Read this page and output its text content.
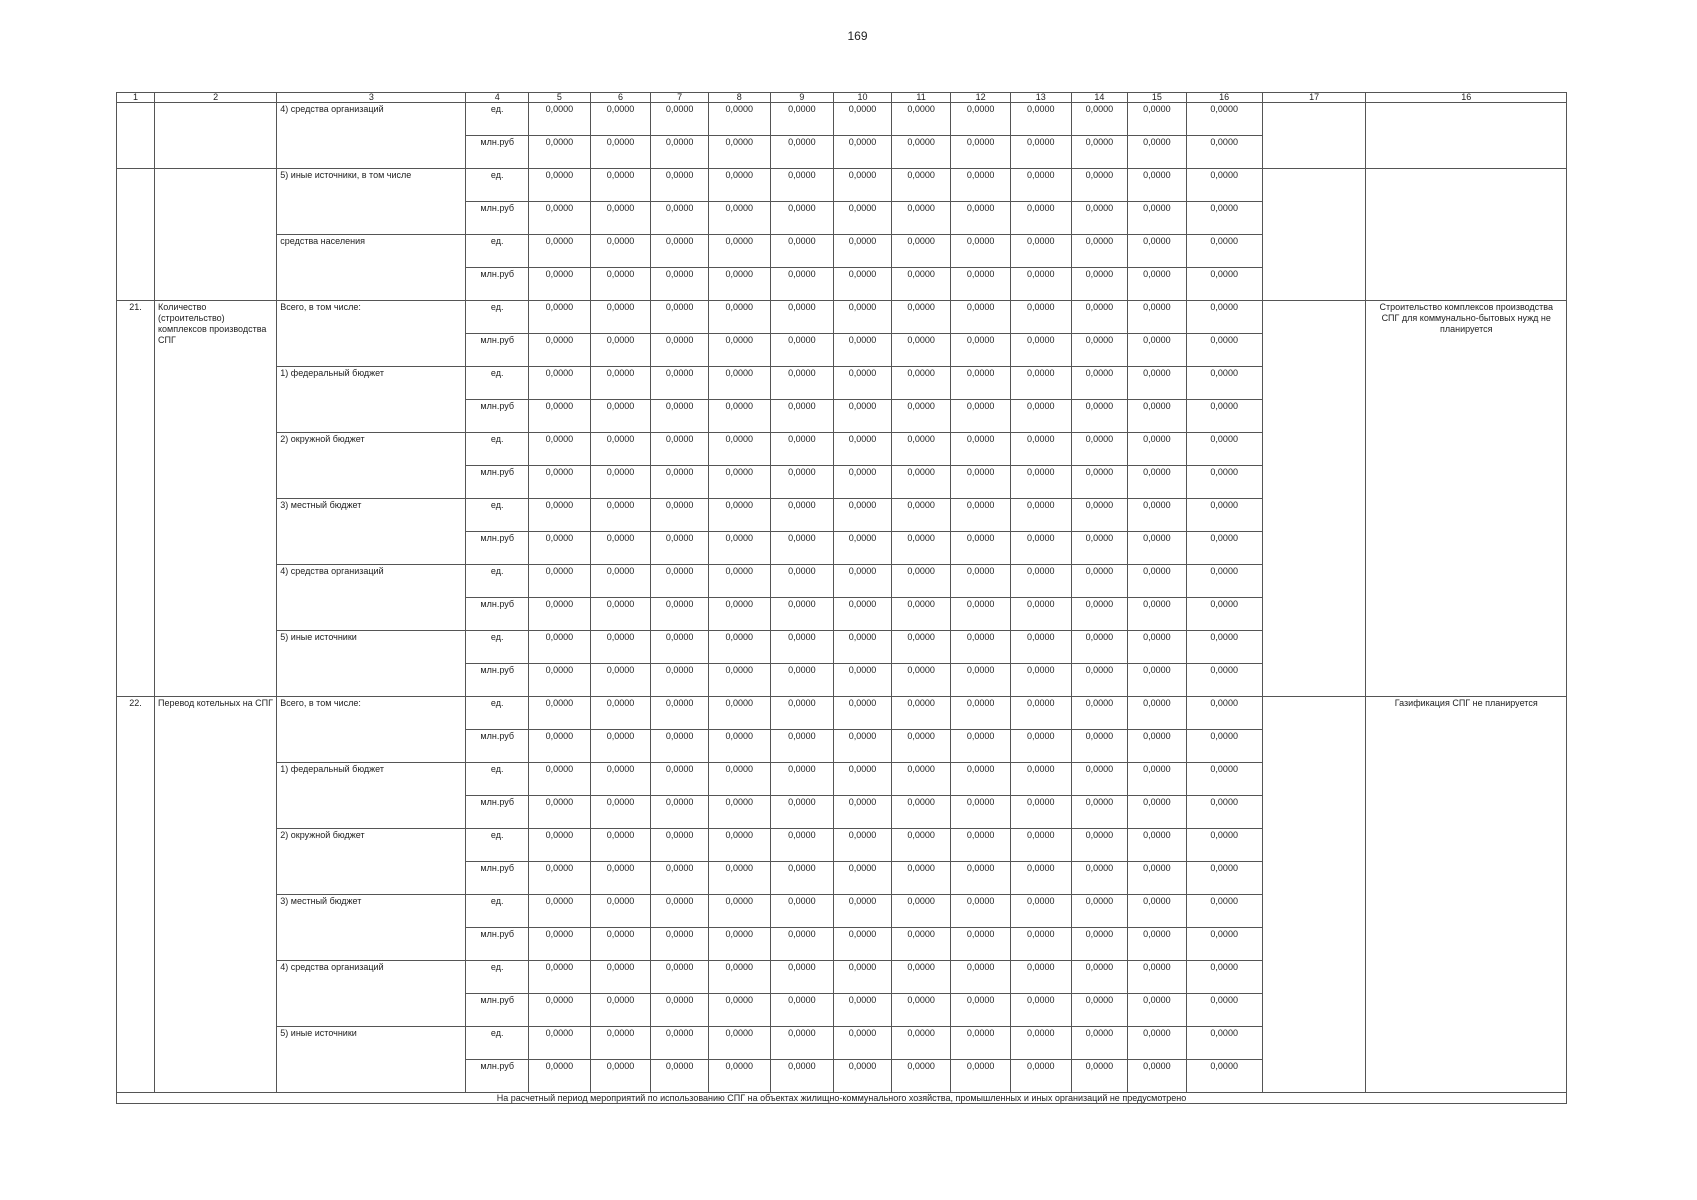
169
1	2	3	4	5	6	7	8	9	10	11	12	13	14	15	16	17	16
		4) средства организаций	ед.	0,0000	0,0000	0,0000	0,0000	0,0000	0,0000	0,0000	0,0000	0,0000	0,0000	0,0000	0,0000		
			млн.руб	0,0000	0,0000	0,0000	0,0000	0,0000	0,0000	0,0000	0,0000	0,0000	0,0000	0,0000	0,0000		
		5) иные источники, в том числе	ед.	0,0000	0,0000	0,0000	0,0000	0,0000	0,0000	0,0000	0,0000	0,0000	0,0000	0,0000	0,0000		
			млн.руб	0,0000	0,0000	0,0000	0,0000	0,0000	0,0000	0,0000	0,0000	0,0000	0,0000	0,0000	0,0000		
		средства населения	ед.	0,0000	0,0000	0,0000	0,0000	0,0000	0,0000	0,0000	0,0000	0,0000	0,0000	0,0000	0,0000		
			млн.руб	0,0000	0,0000	0,0000	0,0000	0,0000	0,0000	0,0000	0,0000	0,0000	0,0000	0,0000	0,0000		
21.	Количество (строительство) комплексов производства СПГ	Всего, в том числе:	ед.	0,0000	0,0000	0,0000	0,0000	0,0000	0,0000	0,0000	0,0000	0,0000	0,0000	0,0000	0,0000		Строительство комплексов производства СПГ для коммунально-бытовых нужд не планируется
			млн.руб	0,0000	0,0000	0,0000	0,0000	0,0000	0,0000	0,0000	0,0000	0,0000	0,0000	0,0000	0,0000		
		1) федеральный бюджет	ед.	0,0000	0,0000	0,0000	0,0000	0,0000	0,0000	0,0000	0,0000	0,0000	0,0000	0,0000	0,0000		
			млн.руб	0,0000	0,0000	0,0000	0,0000	0,0000	0,0000	0,0000	0,0000	0,0000	0,0000	0,0000	0,0000		
		2) окружной бюджет	ед.	0,0000	0,0000	0,0000	0,0000	0,0000	0,0000	0,0000	0,0000	0,0000	0,0000	0,0000	0,0000		
			млн.руб	0,0000	0,0000	0,0000	0,0000	0,0000	0,0000	0,0000	0,0000	0,0000	0,0000	0,0000	0,0000		
		3) местный бюджет	ед.	0,0000	0,0000	0,0000	0,0000	0,0000	0,0000	0,0000	0,0000	0,0000	0,0000	0,0000	0,0000		
			млн.руб	0,0000	0,0000	0,0000	0,0000	0,0000	0,0000	0,0000	0,0000	0,0000	0,0000	0,0000	0,0000		
		4) средства организаций	ед.	0,0000	0,0000	0,0000	0,0000	0,0000	0,0000	0,0000	0,0000	0,0000	0,0000	0,0000	0,0000		
			млн.руб	0,0000	0,0000	0,0000	0,0000	0,0000	0,0000	0,0000	0,0000	0,0000	0,0000	0,0000	0,0000		
		5) иные источники	ед.	0,0000	0,0000	0,0000	0,0000	0,0000	0,0000	0,0000	0,0000	0,0000	0,0000	0,0000	0,0000		
			млн.руб	0,0000	0,0000	0,0000	0,0000	0,0000	0,0000	0,0000	0,0000	0,0000	0,0000	0,0000	0,0000		
22.	Перевод котельных на СПГ	Всего, в том числе:	ед.	0,0000	0,0000	0,0000	0,0000	0,0000	0,0000	0,0000	0,0000	0,0000	0,0000	0,0000	0,0000		Газификация СПГ не планируется
			млн.руб	0,0000	0,0000	0,0000	0,0000	0,0000	0,0000	0,0000	0,0000	0,0000	0,0000	0,0000	0,0000		
		1) федеральный бюджет	ед.	0,0000	0,0000	0,0000	0,0000	0,0000	0,0000	0,0000	0,0000	0,0000	0,0000	0,0000	0,0000		
			млн.руб	0,0000	0,0000	0,0000	0,0000	0,0000	0,0000	0,0000	0,0000	0,0000	0,0000	0,0000	0,0000		
		2) окружной бюджет	ед.	0,0000	0,0000	0,0000	0,0000	0,0000	0,0000	0,0000	0,0000	0,0000	0,0000	0,0000	0,0000		
			млн.руб	0,0000	0,0000	0,0000	0,0000	0,0000	0,0000	0,0000	0,0000	0,0000	0,0000	0,0000	0,0000		
		3) местный бюджет	ед.	0,0000	0,0000	0,0000	0,0000	0,0000	0,0000	0,0000	0,0000	0,0000	0,0000	0,0000	0,0000		
			млн.руб	0,0000	0,0000	0,0000	0,0000	0,0000	0,0000	0,0000	0,0000	0,0000	0,0000	0,0000	0,0000		
		4) средства организаций	ед.	0,0000	0,0000	0,0000	0,0000	0,0000	0,0000	0,0000	0,0000	0,0000	0,0000	0,0000	0,0000		
			млн.руб	0,0000	0,0000	0,0000	0,0000	0,0000	0,0000	0,0000	0,0000	0,0000	0,0000	0,0000	0,0000		
		5) иные источники	ед.	0,0000	0,0000	0,0000	0,0000	0,0000	0,0000	0,0000	0,0000	0,0000	0,0000	0,0000	0,0000		
			млн.руб	0,0000	0,0000	0,0000	0,0000	0,0000	0,0000	0,0000	0,0000	0,0000	0,0000	0,0000	0,0000		
На расчетный период мероприятий по использованию СПГ на объектах жилищно-коммунального хозяйства, промышленных и иных организаций не предусмотрено																	
